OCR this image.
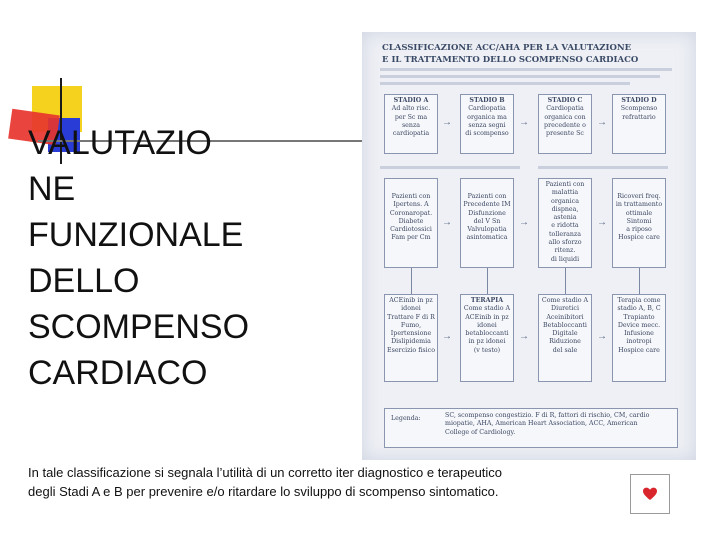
VALUTAZIO
NE
FUNZIONALE
DELLO
SCOMPENSO
CARDIACO
CLASSIFICAZIONE ACC/AHA PER LA VALUTAZIONE
E IL TRATTAMENTO DELLO SCOMPENSO CARDIACO
STADIO A
Ad alto risc.
per Sc ma
senza
cardiopatia
STADIO B
Cardiopatia
organica ma
senza segni
di scompenso
STADIO C
Cardiopatia
organica con
precedente o
presente Sc
STADIO D
Scompenso
refrattario
→	→	→
Pazienti con
Ipertens. A
Coronaropat.
Diabete
Cardiotossici
Fam per Cm
Pazienti con
Precedente IM
Disfunzione
del V Sn
Valvulopatia
asintomatica
Pazienti con
malattia
organica
dispnea, astenia
e ridotta
tolleranza
allo sforzo
ritenz.
di liquidi
Ricoveri freq.
in trattamento
ottimale
Sintomi
a riposo
Hospice care
→	→	→
ACEinib in pz
idonei
Trattare F di R
Fumo,
Ipertensione
Dislipidemia
Esercizio fisico
TERAPIA
Come stadio A
ACEinib in pz
idonei
betabloccanti
in pz idonei
(v testo)
Come stadio A
Diuretici
Aceinibitori
Betabloccanti
Digitale
Riduzione
del sale
Terapia come
stadio A, B, C
Trapianto
Device mecc.
Infusione
inotropi
Hospice care
→	→	→
Legenda:	SC, scompenso congestizio. F di R, fattori di rischio, CM, cardio
miopatie, AHA, American Heart Association, ACC, American
College of Cardiology.
In tale classificazione si segnala l’utilità di un corretto iter diagnostico e terapeutico
degli Stadi A e B per prevenire e/o ritardare lo sviluppo di scompenso sintomatico.
